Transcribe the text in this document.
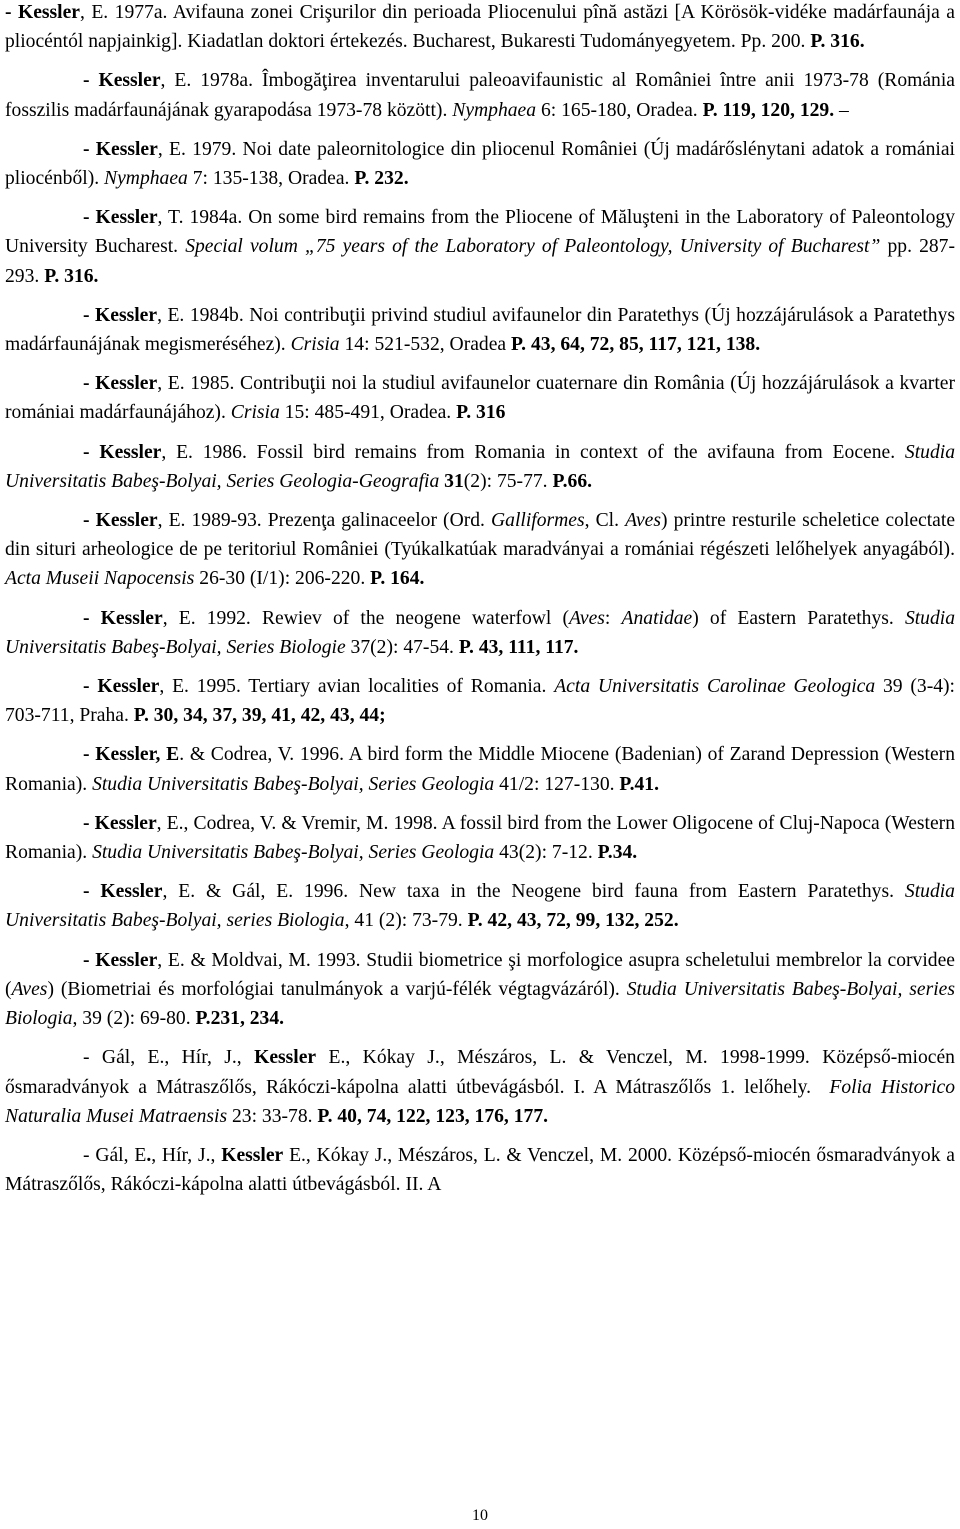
- Kessler, E. 1977a. Avifauna zonei Crişurilor din perioada Pliocenului pînă astăzi [A Körösök-vidéke madárfaunája a pliocéntól napjainkig]. Kiadatlan doktori értekezés. Bucharest, Bukaresti Tudományegyetem. Pp. 200. P. 316.

- Kessler, E. 1978a. Îmbogăţirea inventarului paleoavifaunistic al României între anii 1973-78 (Románia fosszilis madárfaunájának gyarapodása 1973-78 között). Nymphaea 6: 165-180, Oradea. P. 119, 120, 129. –

- Kessler, E. 1979. Noi date paleornitologice din pliocenul României (Új madárőslénytani adatok a romániai pliocénből). Nymphaea 7: 135-138, Oradea. P. 232.

- Kessler, T. 1984a. On some bird remains from the Pliocene of Măluşteni in the Laboratory of Paleontology University Bucharest. Special volum „75 years of the Laboratory of Paleontology, University of Bucharest” pp. 287-293. P. 316.

- Kessler, E. 1984b. Noi contribuţii privind studiul avifaunelor din Paratethys (Új hozzájárulások a Paratethys madárfaunájának megismeréséhez). Crisia 14: 521-532, Oradea P. 43, 64, 72, 85, 117, 121, 138.

- Kessler, E. 1985. Contribuţii noi la studiul avifaunelor cuaternare din România (Új hozzájárulások a kvarter romániai madárfaunájához). Crisia 15: 485-491, Oradea. P. 316

- Kessler, E. 1986. Fossil bird remains from Romania in context of the avifauna from Eocene. Studia Universitatis Babeş-Bolyai, Series Geologia-Geografia 31(2): 75-77. P.66.

- Kessler, E. 1989-93. Prezenţa galinaceelor (Ord. Galliformes, Cl. Aves) printre resturile scheletice colectate din situri arheologice de pe teritoriul României (Tyúkalkatúak maradványai a romániai régészeti lelőhelyek anyagából). Acta Museii Napocensis 26-30 (I/1): 206-220. P. 164.

- Kessler, E. 1992. Rewiev of the neogene waterfowl (Aves: Anatidae) of Eastern Paratethys. Studia Universitatis Babeş-Bolyai, Series Biologie 37(2): 47-54. P. 43, 111, 117.

- Kessler, E. 1995. Tertiary avian localities of Romania. Acta Universitatis Carolinae Geologica 39 (3-4): 703-711, Praha. P. 30, 34, 37, 39, 41, 42, 43, 44;

- Kessler, E. & Codrea, V. 1996. A bird form the Middle Miocene (Badenian) of Zarand Depression (Western Romania). Studia Universitatis Babeş-Bolyai, Series Geologia 41/2: 127-130. P.41.

- Kessler, E., Codrea, V. & Vremir, M. 1998. A fossil bird from the Lower Oligocene of Cluj-Napoca (Western Romania). Studia Universitatis Babeş-Bolyai, Series Geologia 43(2): 7-12. P.34.

- Kessler, E. & Gál, E. 1996. New taxa in the Neogene bird fauna from Eastern Paratethys. Studia Universitatis Babeş-Bolyai, series Biologia, 41 (2): 73-79. P. 42, 43, 72, 99, 132, 252.

- Kessler, E. & Moldvai, M. 1993. Studii biometrice şi morfologice asupra scheletului membrelor la corvidee (Aves) (Biometriai és morfológiai tanulmányok a varjú-félék végtagvázáról). Studia Universitatis Babeş-Bolyai, series Biologia, 39 (2): 69-80. P.231, 234.

- Gál, E., Hír, J., Kessler E., Kókay J., Mészáros, L. & Venczel, M. 1998-1999. Középső-miocén ősmaradványok a Mátraszőlős, Rákóczi-kápolna alatti útbevágásból. I. A Mátraszőlős 1. lelőhely.  Folia Historico Naturalia Musei Matraensis 23: 33-78. P. 40, 74, 122, 123, 176, 177.

- Gál, E., Hír, J., Kessler E., Kókay J., Mészáros, L. & Venczel, M. 2000. Középső-miocén ősmaradványok a Mátraszőlős, Rákóczi-kápolna alatti útbevágásból. II. A

10
